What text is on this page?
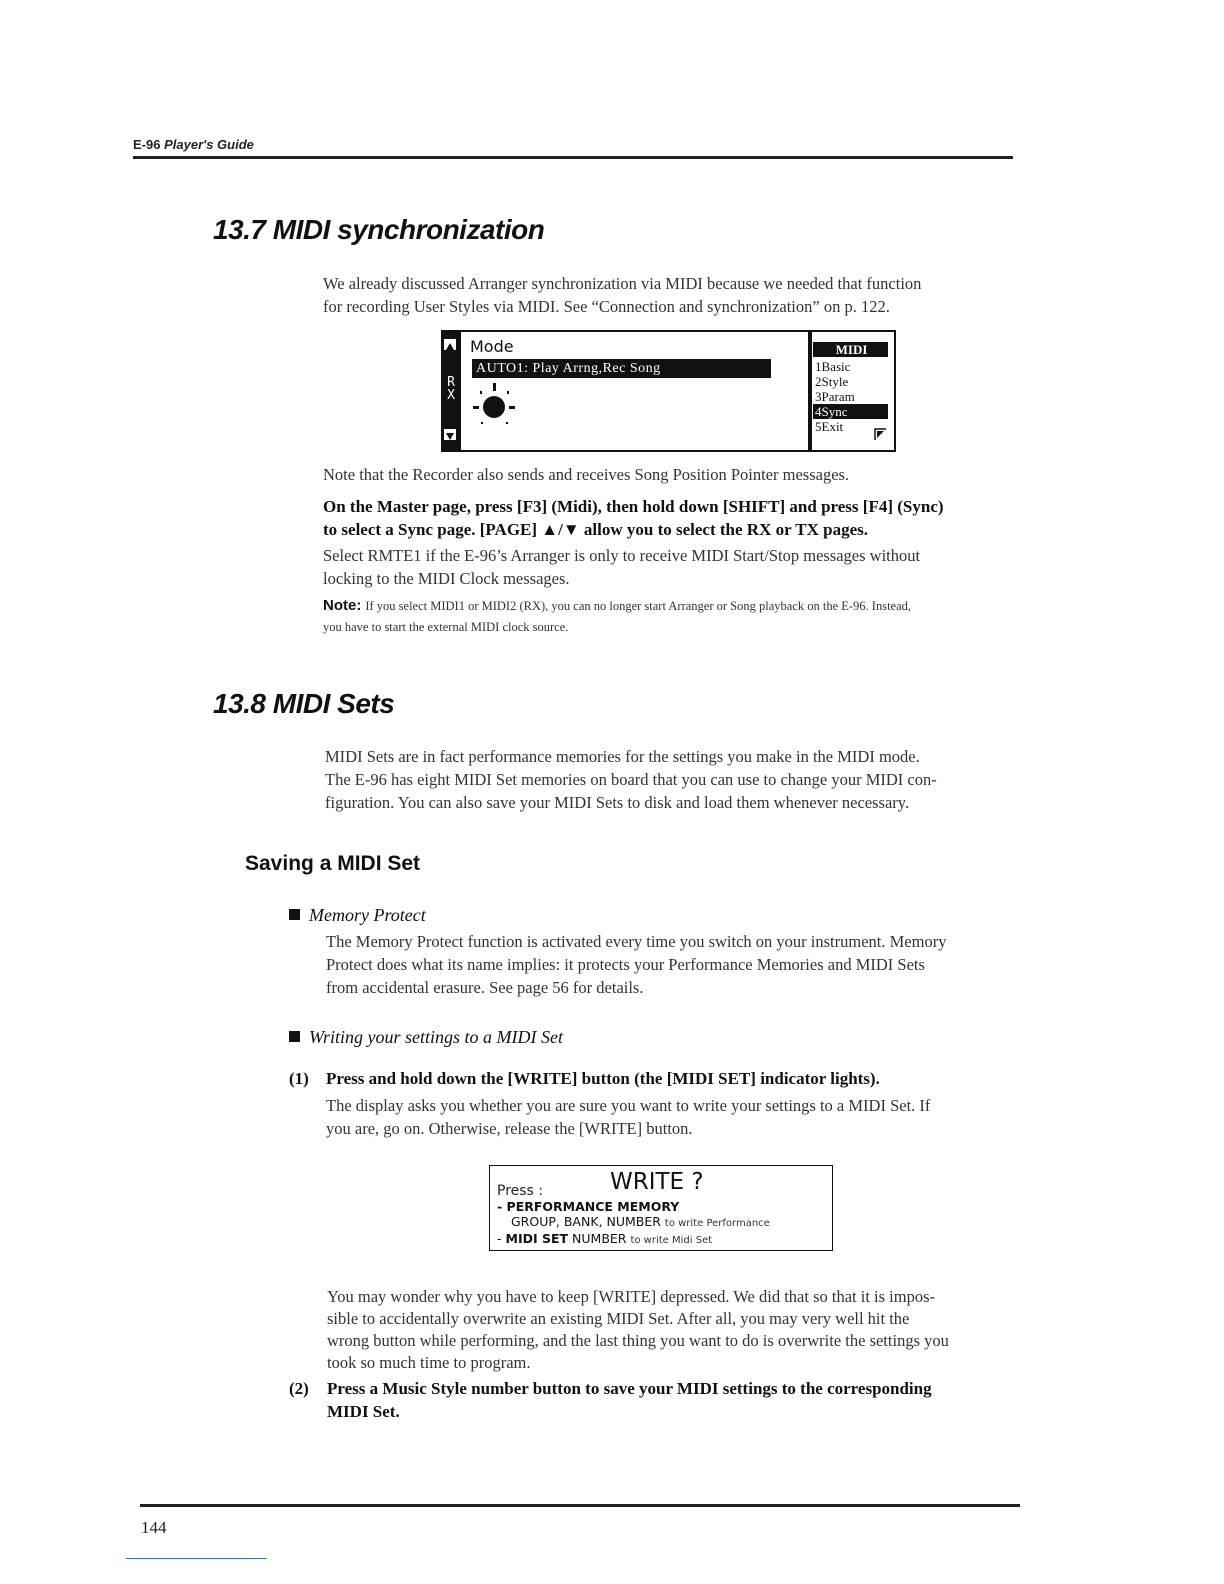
E-96 Player's Guide
13.7 MIDI synchronization
We already discussed Arranger synchronization via MIDI because we needed that function
for recording User Styles via MIDI. See “Connection and synchronization” on p. 122.
R
X
Mode
AUTO1: Play Arrng,Rec Song
MIDI
1Basic
2Style
3Param
4Sync
5Exit
Note that the Recorder also sends and receives Song Position Pointer messages.
On the Master page, press [F3] (Midi), then hold down [SHIFT] and press [F4] (Sync)
to select a Sync page. [PAGE] ▲/▼ allow you to select the RX or TX pages.
Select RMTE1 if the E-96’s Arranger is only to receive MIDI Start/Stop messages without
locking to the MIDI Clock messages.
Note: If you select MIDI1 or MIDI2 (RX), you can no longer start Arranger or Song playback on the E-96. Instead,
you have to start the external MIDI clock source.
13.8 MIDI Sets
MIDI Sets are in fact performance memories for the settings you make in the MIDI mode.
The E-96 has eight MIDI Set memories on board that you can use to change your MIDI con-
figuration. You can also save your MIDI Sets to disk and load them whenever necessary.
Saving a MIDI Set
Memory Protect
The Memory Protect function is activated every time you switch on your instrument. Memory
Protect does what its name implies: it protects your Performance Memories and MIDI Sets
from accidental erasure. See page 56 for details.
Writing your settings to a MIDI Set
(1) Press and hold down the [WRITE] button (the [MIDI SET] indicator lights).
The display asks you whether you are sure you want to write your settings to a MIDI Set. If
you are, go on. Otherwise, release the [WRITE] button.
Press :	WRITE ?
- PERFORMANCE MEMORY
GROUP, BANK, NUMBER to write Performance
- MIDI SET NUMBER to write Midi Set
You may wonder why you have to keep [WRITE] depressed. We did that so that it is impos-
sible to accidentally overwrite an existing MIDI Set. After all, you may very well hit the
wrong button while performing, and the last thing you want to do is overwrite the settings you
took so much time to program.
(2) Press a Music Style number button to save your MIDI settings to the corresponding
MIDI Set.
144
